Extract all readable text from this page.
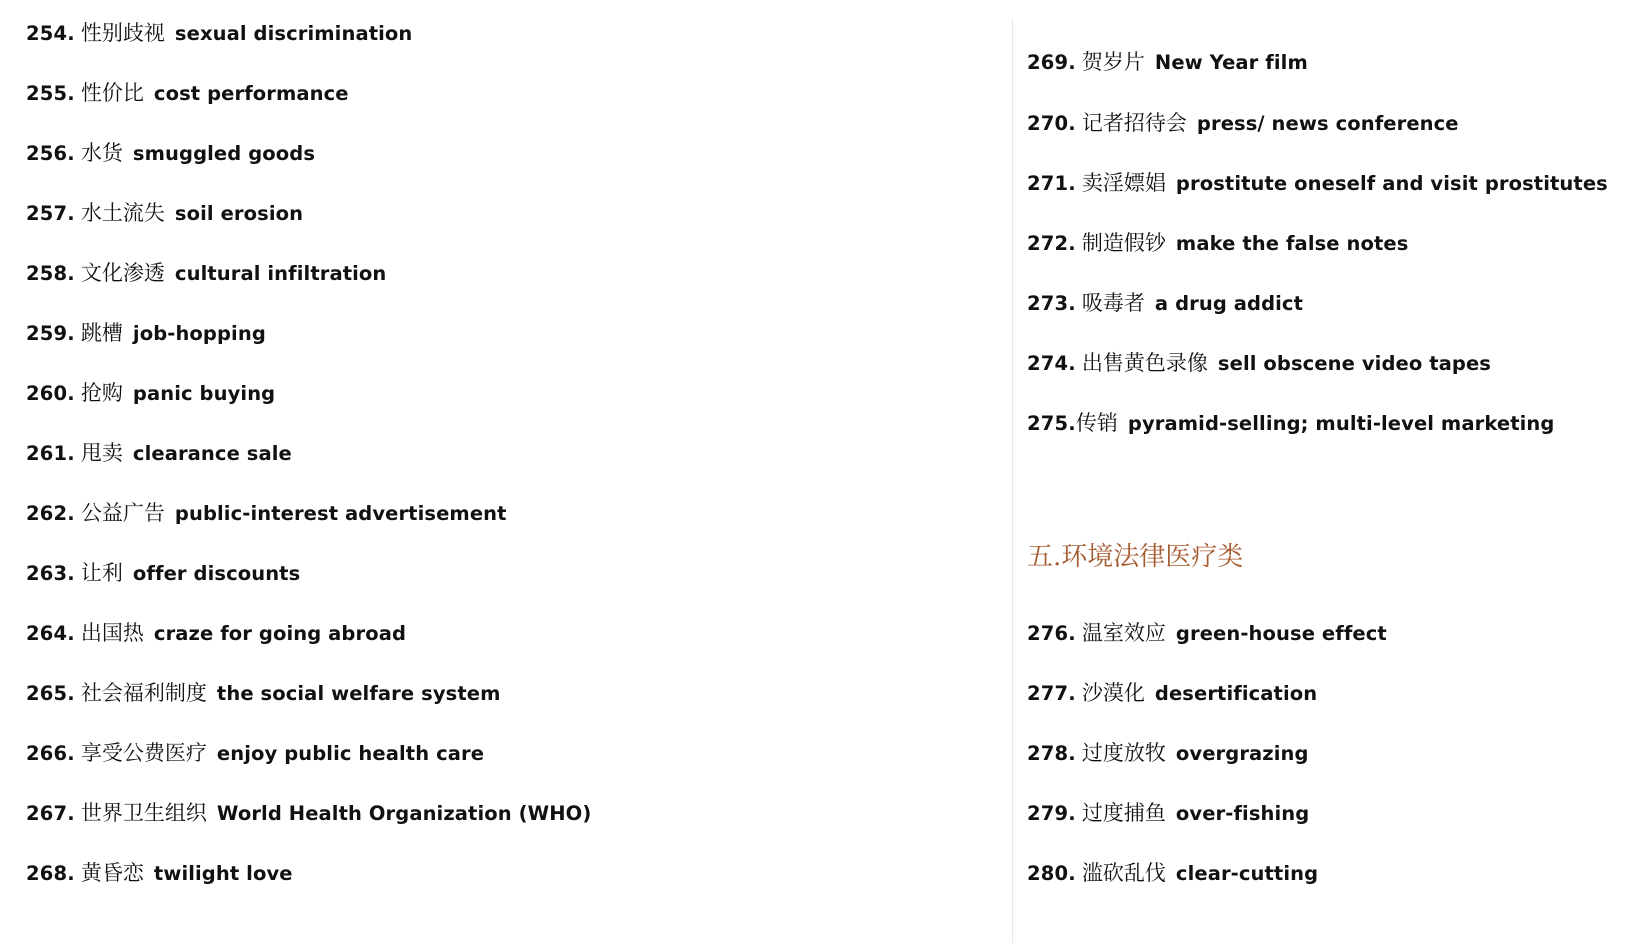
254. 性别歧视 sexual discrimination
255. 性价比 cost performance
256. 水货 smuggled goods
257. 水土流失 soil erosion
258. 文化渗透 cultural infiltration
259. 跳槽 job-hopping
260. 抢购 panic buying
261. 甩卖 clearance sale
262. 公益广告 public-interest advertisement
263. 让利 offer discounts
264. 出国热 craze for going abroad
265. 社会福利制度 the social welfare system
266. 享受公费医疗 enjoy public health care
267. 世界卫生组织 World Health Organization (WHO)
268. 黄昏恋 twilight love
269. 贺岁片 New Year film
270. 记者招待会 press/ news conference
271. 卖淫嫖娼 prostitute oneself and visit prostitutes
272. 制造假钞 make the false notes
273. 吸毒者 a drug addict
274. 出售黄色录像 sell obscene video tapes
275.传销 pyramid-selling; multi-level marketing
五.环境法律医疗类
276. 温室效应 green-house effect
277. 沙漠化 desertification
278. 过度放牧 overgrazing
279. 过度捕鱼 over-fishing
280. 滥砍乱伐 clear-cutting
